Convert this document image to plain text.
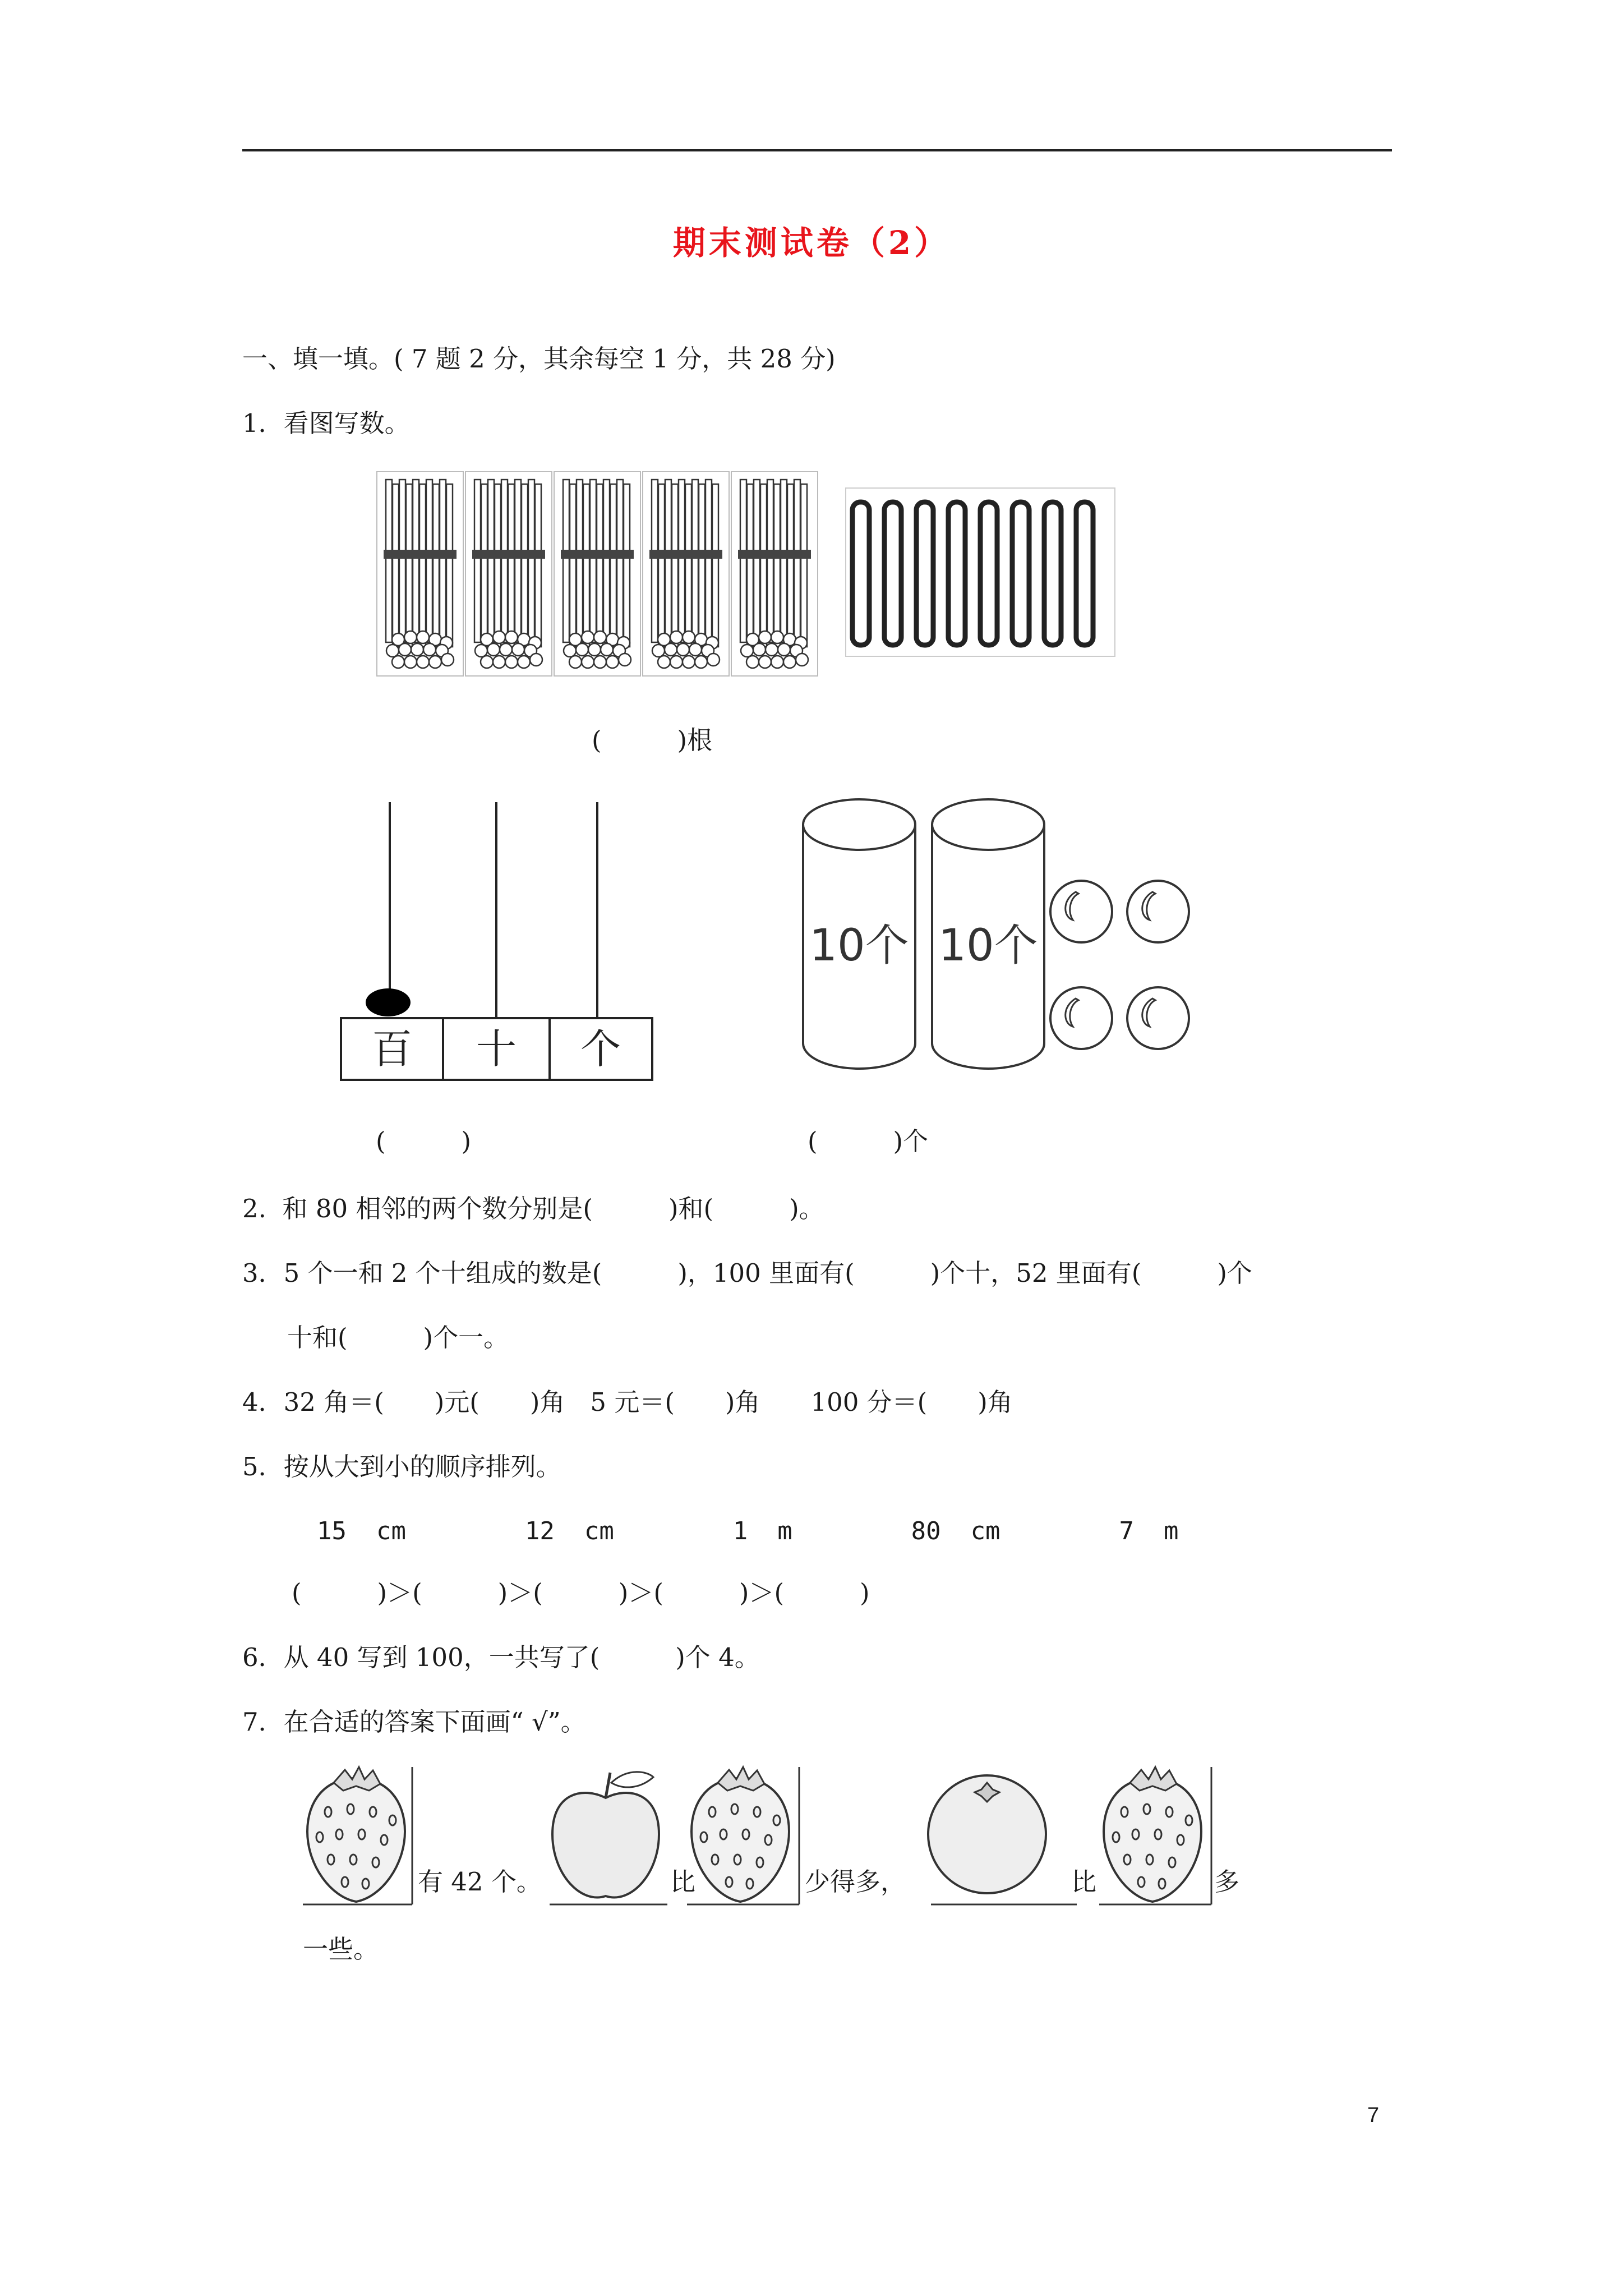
期末测试卷（2）
一、填一填。( 7 题 2 分，其余每空 1 分，共 28 分)
1．看图写数。
(　　　)根
百 十 个
(　　　)
10个 10个
(　　　)个
2.  和 80 相邻的两个数分别是(　　　)和(　　　)。
3．5 个一和 2 个十组成的数是(　　　)，100 里面有(　　　)个十，52 里面有(　　　)个
十和(　　　)个一。
4．32 角＝(　　)元(　　)角　5 元＝(　　)角　　100 分＝(　　)角
5．按从大到小的顺序排列。
15  cm        12  cm        1  m        80  cm        7  m
(　　　)＞(　　　)＞(　　　)＞(　　　)＞(　　　)
6．从 40 写到 100，一共写了(　　　)个 4。
7．在合适的答案下面画“ √”。
有 42 个。	比	少得多，	比	多
一些。
7
